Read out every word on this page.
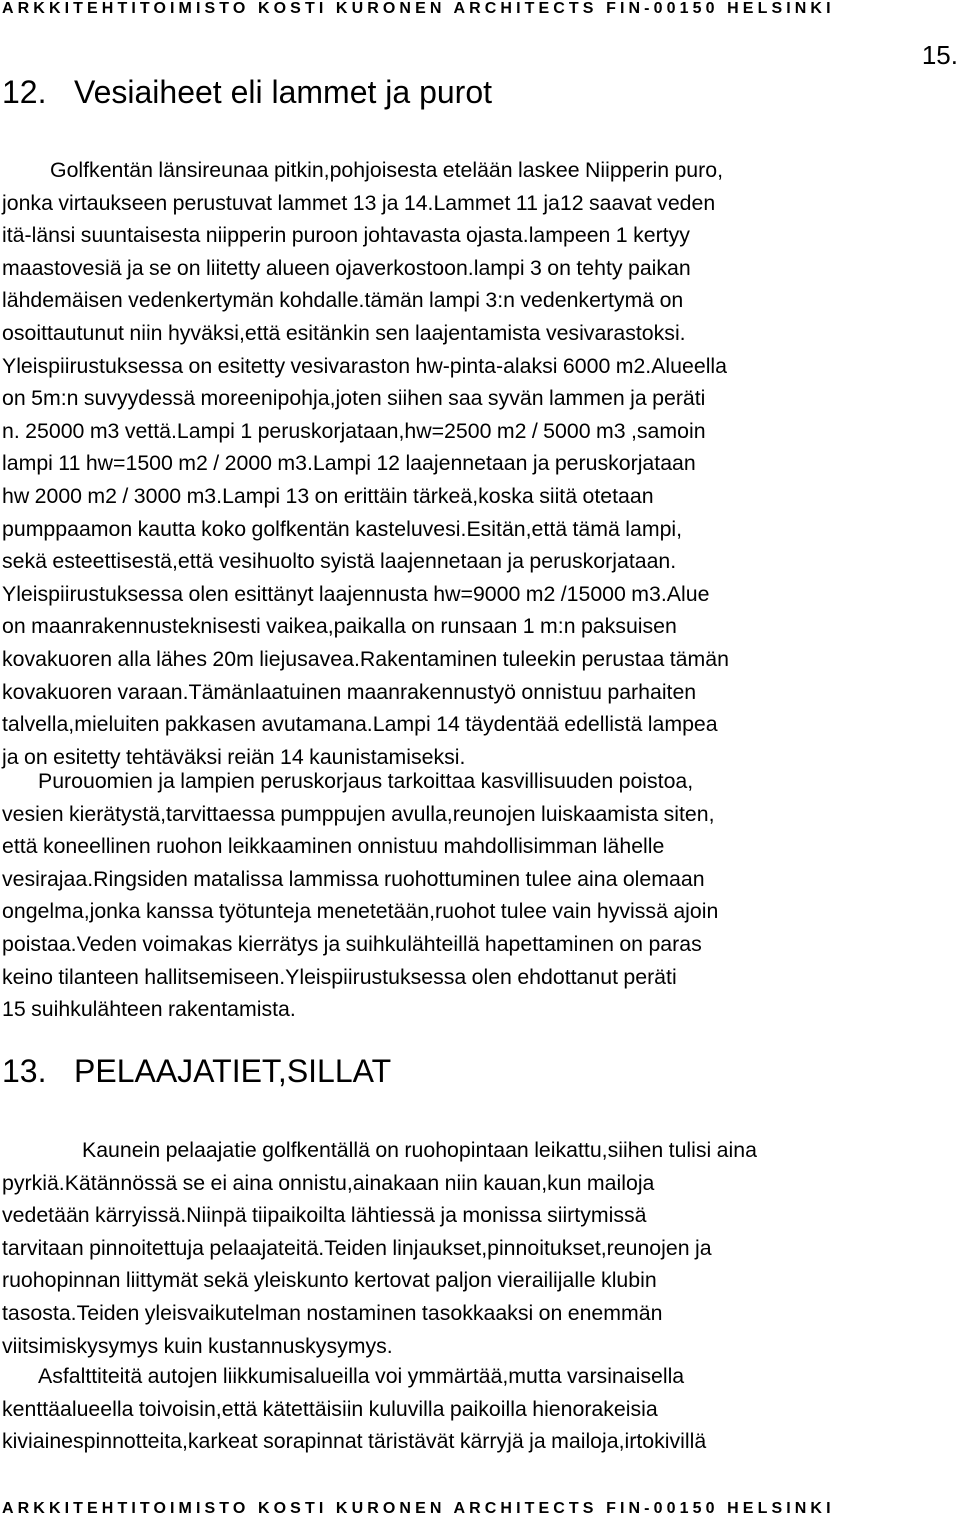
ARKKITEHTITOIMISTO KOSTI KURONEN ARCHITECTS FIN-00150 HELSINKI
15.
12. Vesiaiheet eli lammet ja purot
Golfkentän länsireunaa pitkin,pohjoisesta etelään laskee Niipperin puro,
jonka virtaukseen perustuvat lammet 13 ja 14.Lammet 11 ja12 saavat veden
itä-länsi suuntaisesta niipperin puroon johtavasta ojasta.lampeen 1 kertyy
maastovesiä ja se on liitetty alueen ojaverkostoon.lampi 3 on tehty paikan
lähdemäisen vedenkertymän kohdalle.tämän lampi 3:n vedenkertymä on
osoittautunut niin hyväksi,että esitänkin sen laajentamista vesivarastoksi.
Yleispiirustuksessa on esitetty vesivaraston hw-pinta-alaksi 6000 m2.Alueella
on 5m:n suvyydessä moreenipohja,joten siihen saa syvän lammen ja peräti
n. 25000 m3 vettä.Lampi 1 peruskorjataan,hw=2500 m2 / 5000 m3 ,samoin
lampi 11 hw=1500 m2 / 2000 m3.Lampi 12 laajennetaan ja peruskorjataan
hw 2000 m2 / 3000 m3.Lampi 13 on erittäin tärkeä,koska siitä otetaan
pumppaamon kautta koko golfkentän kasteluvesi.Esitän,että tämä lampi,
sekä esteettisestä,että vesihuolto syistä laajennetaan ja peruskorjataan.
Yleispiirustuksessa olen esittänyt laajennusta hw=9000 m2 /15000 m3.Alue
on maanrakennusteknisesti vaikea,paikalla on runsaan 1 m:n paksuisen
kovakuoren alla lähes 20m liejusavea.Rakentaminen tuleekin perustaa tämän
kovakuoren varaan.Tämänlaatuinen maanrakennustyö onnistuu parhaiten
talvella,mieluiten pakkasen avutamana.Lampi 14 täydentää edellistä lampea
ja on esitetty tehtäväksi reiän 14 kaunistamiseksi.
Purouomien ja lampien peruskorjaus tarkoittaa kasvillisuuden poistoa,
vesien kierätystä,tarvittaessa pumppujen avulla,reunojen luiskaamista siten,
että koneellinen ruohon leikkaaminen onnistuu mahdollisimman lähelle
vesirajaa.Ringsiden matalissa lammissa ruohottuminen tulee aina olemaan
ongelma,jonka kanssa työtunteja menetetään,ruohot tulee vain hyvissä ajoin
poistaa.Veden voimakas kierrätys ja suihkulähteillä hapettaminen on paras
keino tilanteen hallitsemiseen.Yleispiirustuksessa olen ehdottanut peräti
15 suihkulähteen rakentamista.
13. PELAAJATIET,SILLAT
Kaunein pelaajatie golfkentällä on ruohopintaan leikattu,siihen tulisi aina
pyrkiä.Kätännössä se ei aina onnistu,ainakaan niin kauan,kun mailoja
vedetään kärryissä.Niinpä tiipaikoilta lähtiessä ja monissa siirtymissä
tarvitaan pinnoitettuja pelaajateitä.Teiden linjaukset,pinnoitukset,reunojen ja
ruohopinnan liittymät sekä yleiskunto kertovat paljon vierailijalle klubin
tasosta.Teiden yleisvaikutelman nostaminen tasokkaaksi on enemmän
viitsimiskysymys kuin kustannuskysymys.
Asfalttiteitä autojen liikkumisalueilla voi ymmärtää,mutta varsinaisella
kenttäalueella toivoisin,että kätettäisiin kuluvilla paikoilla hienorakeisia
kiviainespinnotteita,karkeat sorapinnat täristävät kärryjä ja mailoja,irtokivillä
ARKKITEHTITOIMISTO KOSTI KURONEN ARCHITECTS FIN-00150 HELSINKI
